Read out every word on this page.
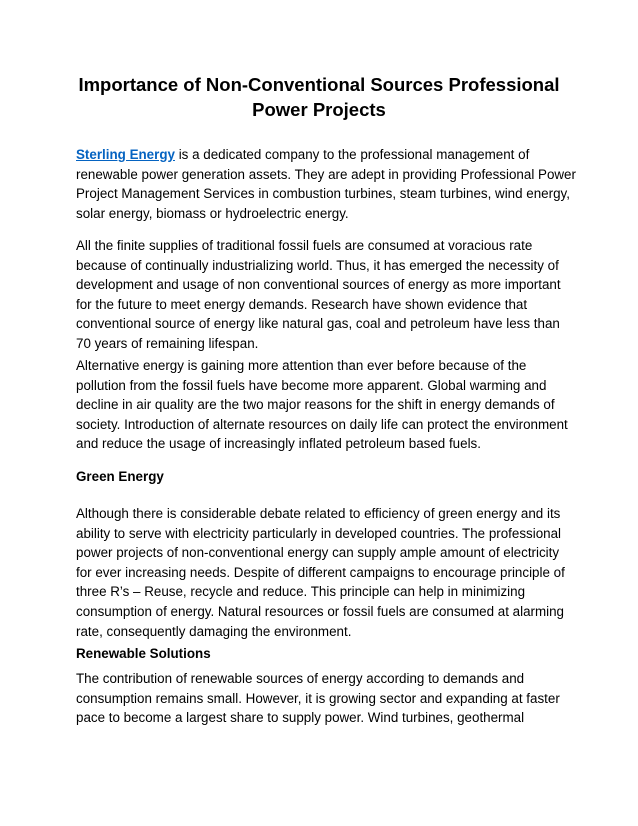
Importance of Non-Conventional Sources Professional Power Projects

Sterling Energy is a dedicated company to the professional management of renewable power generation assets. They are adept in providing Professional Power Project Management Services in combustion turbines, steam turbines, wind energy, solar energy, biomass or hydroelectric energy.

All the finite supplies of traditional fossil fuels are consumed at voracious rate because of continually industrializing world. Thus, it has emerged the necessity of development and usage of non conventional sources of energy as more important for the future to meet energy demands. Research have shown evidence that conventional source of energy like natural gas, coal and petroleum have less than 70 years of remaining lifespan.

Alternative energy is gaining more attention than ever before because of the pollution from the fossil fuels have become more apparent. Global warming and decline in air quality are the two major reasons for the shift in energy demands of society. Introduction of alternate resources on daily life can protect the environment and reduce the usage of increasingly inflated petroleum based fuels.

Green Energy

Although there is considerable debate related to efficiency of green energy and its ability to serve with electricity particularly in developed countries. The professional power projects of non-conventional energy can supply ample amount of electricity for ever increasing needs. Despite of different campaigns to encourage principle of three R’s – Reuse, recycle and reduce. This principle can help in minimizing consumption of energy. Natural resources or fossil fuels are consumed at alarming rate, consequently damaging the environment.

Renewable Solutions

The contribution of renewable sources of energy according to demands and consumption remains small. However, it is growing sector and expanding at faster pace to become a largest share to supply power. Wind turbines, geothermal
